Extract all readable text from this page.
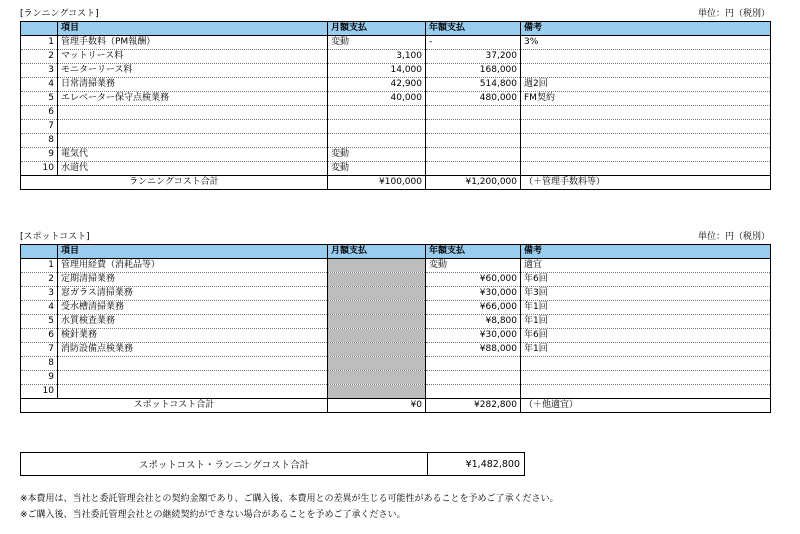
[ランニングコスト]	単位：円（税別）
	項目	月額支払	年額支払	備考
1	管理手数料（PM報酬）	変動	-	3%
2	マットリース料	3,100	37,200	
3	モニターリース料	14,000	168,000	
4	日常清掃業務	42,900	514,800	週2回
5	エレベーター保守点検業務	40,000	480,000	FM契約
6				
7				
8				
9	電気代	変動		
10	水道代	変動		
ランニングコスト合計		¥100,000	¥1,200,000	（＋管理手数料等）
[スポットコスト]	単位：円（税別）
	項目	月額支払	年額支払	備考
1	管理用経費（消耗品等）		変動	適宜
2	定期清掃業務		¥60,000	年6回
3	窓ガラス清掃業務		¥30,000	年3回
4	受水槽清掃業務		¥66,000	年1回
5	水質検査業務		¥8,800	年1回
6	検針業務		¥30,000	年6回
7	消防設備点検業務		¥88,000	年1回
8				
9				
10				
スポットコスト合計		¥0	¥282,800	（＋他適宜）
スポットコスト・ランニングコスト合計	¥1,482,800
※本費用は、当社と委託管理会社との契約金額であり、ご購入後、本費用との差異が生じる可能性があることを予めご了承ください。
※ご購入後、当社委託管理会社との継続契約ができない場合があることを予めご了承ください。
